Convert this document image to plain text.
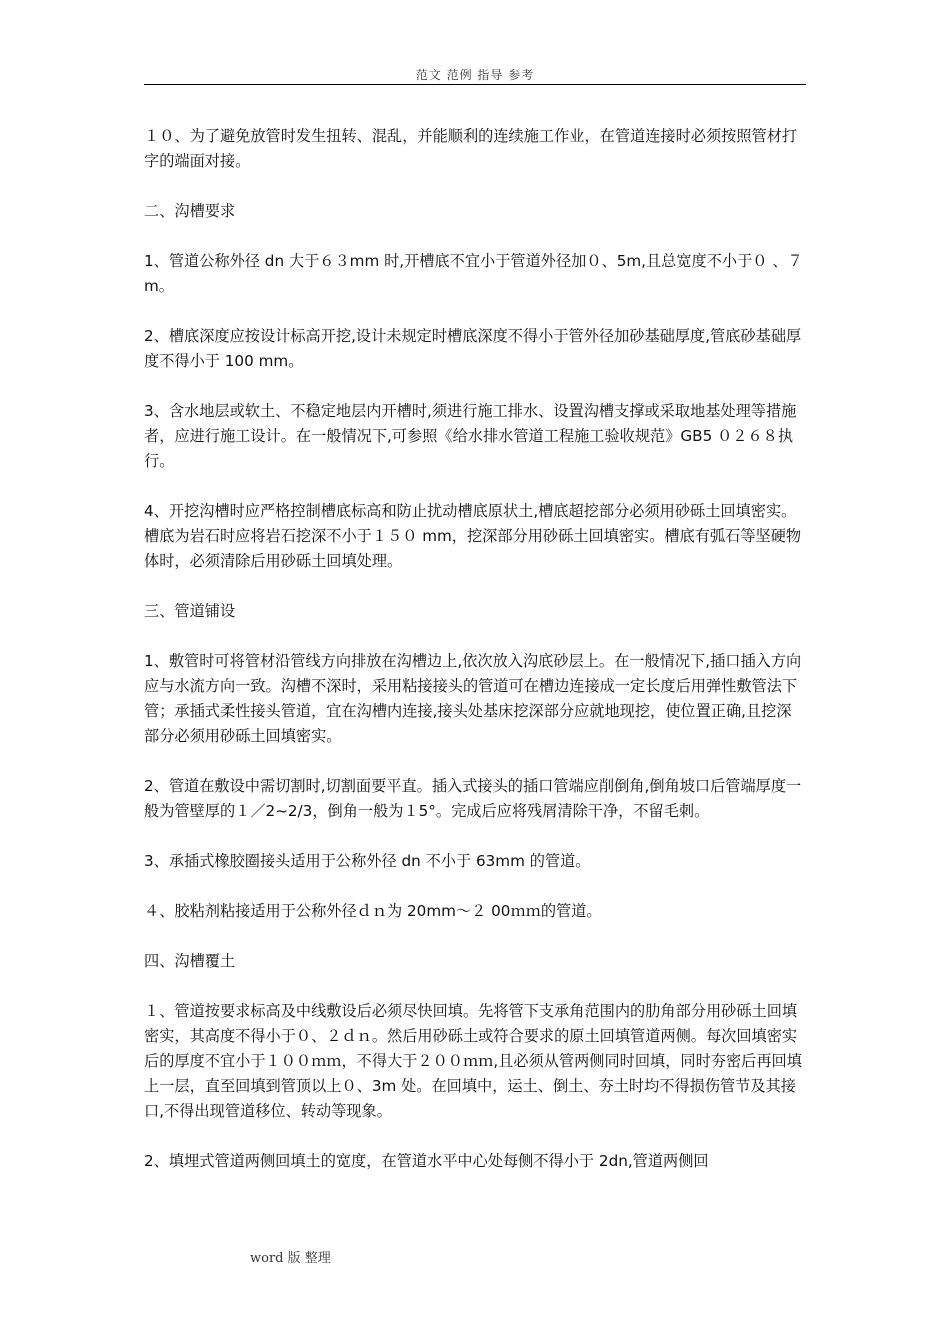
范文 范例 指导 参考

１０、为了避免放管时发生扭转、混乱，并能顺利的连续施工作业，在管道连接时必须按照管材打字的端面对接。

二、沟槽要求

1、管道公称外径 dn 大于６３mm 时,开槽底不宜小于管道外径加０、5m,且总宽度不小于０ 、７ m。

2、槽底深度应按设计标高开挖,设计未规定时槽底深度不得小于管外径加砂基础厚度,管底砂基础厚度不得小于 100 mm。

3、含水地层或软土、不稳定地层内开槽时,须进行施工排水、设置沟槽支撑或采取地基处理等措施者，应进行施工设计。在一般情况下,可参照《给水排水管道工程施工验收规范》GB5 ０２６８执行。

4、开挖沟槽时应严格控制槽底标高和防止扰动槽底原状土,槽底超挖部分必须用砂砾土回填密实。槽底为岩石时应将岩石挖深不小于１５０ mm，挖深部分用砂砾土回填密实。槽底有弧石等坚硬物体时，必须清除后用砂砾土回填处理。

三、管道铺设

1、敷管时可将管材沿管线方向排放在沟槽边上,依次放入沟底砂层上。在一般情况下,插口插入方向应与水流方向一致。沟槽不深时，采用粘接接头的管道可在槽边连接成一定长度后用弹性敷管法下管；承插式柔性接头管道，宜在沟槽内连接,接头处基床挖深部分应就地现挖，使位置正确,且挖深部分必须用砂砾土回填密实。

2、管道在敷设中需切割时,切割面要平直。插入式接头的插口管端应削倒角,倒角坡口后管端厚度一般为管壁厚的１／2~2/3，倒角一般为１5°。完成后应将残屑清除干净，不留毛刺。

3、承插式橡胶圈接头适用于公称外径 dn 不小于 63mm 的管道。

４、胶粘剂粘接适用于公称外径ｄｎ为 20mm～２ 00ｍｍ的管道。

四、沟槽覆土

１、管道按要求标高及中线敷设后必须尽快回填。先将管下支承角范围内的肋角部分用砂砾土回填密实，其高度不得小于０、２ｄｎ。然后用砂砾土或符合要求的原土回填管道两侧。每次回填密实后的厚度不宜小于１００ｍｍ，不得大于２００ｍｍ,且必须从管两侧同时回填，同时夯密后再回填上一层，直至回填到管顶以上０、3m 处。在回填中，运土、倒土、夯土时均不得损伤管节及其接口,不得出现管道移位、转动等现象。

2、填埋式管道两侧回填土的宽度，在管道水平中心处每侧不得小于 2dn,管道两侧回

word 版 整理
